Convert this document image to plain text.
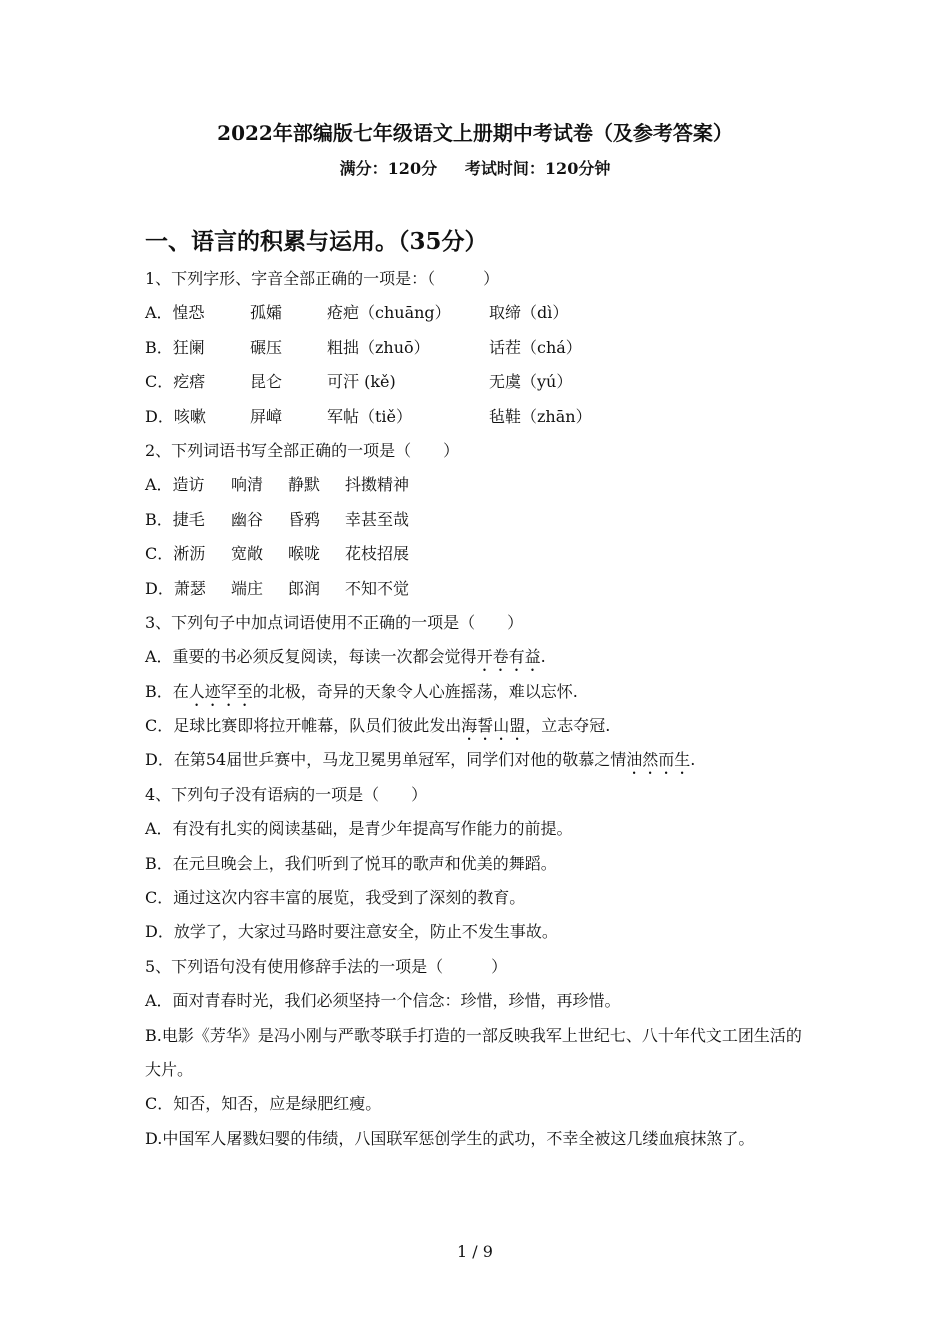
2022年部编版七年级语文上册期中考试卷（及参考答案）
满分：120分     考试时间：120分钟
一、语言的积累与运用。（35分）
1、下列字形、字音全部正确的一项是：（　　　）
A．惶恐	孤孀	疮疤（chuāng） 取缔（dì）
B．狂阑	碾压	粗拙（zhuō）	话茬（chá）
C．疙瘩	昆仑	可汗 (kě)	无虞（yú）
D．咳嗽	屏嶂	军帖（tiě）	毡鞋（zhān）
2、下列词语书写全部正确的一项是（　　）
A．造访 响清 静默 抖擞精神
B．捷毛 幽谷 昏鸦 幸甚至哉
C．淅沥 宽敞 喉咙 花枝招展
D．萧瑟 端庄 郎润 不知不觉
3、下列句子中加点词语使用不正确的一项是（　　）
A．重要的书必须反复阅读，每读一次都会觉得开卷有益.
B．在人迹罕至的北极，奇异的天象令人心旌摇荡，难以忘怀.
C．足球比赛即将拉开帷幕，队员们彼此发出海誓山盟，立志夺冠.
D．在第54届世乒赛中，马龙卫冕男单冠军，同学们对他的敬慕之情油然而生.
4、下列句子没有语病的一项是（　　）
A．有没有扎实的阅读基础，是青少年提高写作能力的前提。
B．在元旦晚会上，我们听到了悦耳的歌声和优美的舞蹈。
C．通过这次内容丰富的展览，我受到了深刻的教育。
D．放学了，大家过马路时要注意安全，防止不发生事故。
5、下列语句没有使用修辞手法的一项是（　　　）
A．面对青春时光，我们必须坚持一个信念：珍惜，珍惜，再珍惜。
B.电影《芳华》是冯小刚与严歌苓联手打造的一部反映我军上世纪七、八十年代文工团生活的大片。
C．知否，知否，应是绿肥红瘦。
D.中国军人屠戮妇婴的伟绩，八国联军惩创学生的武功，不幸全被这几缕血痕抹煞了。
1 / 9
